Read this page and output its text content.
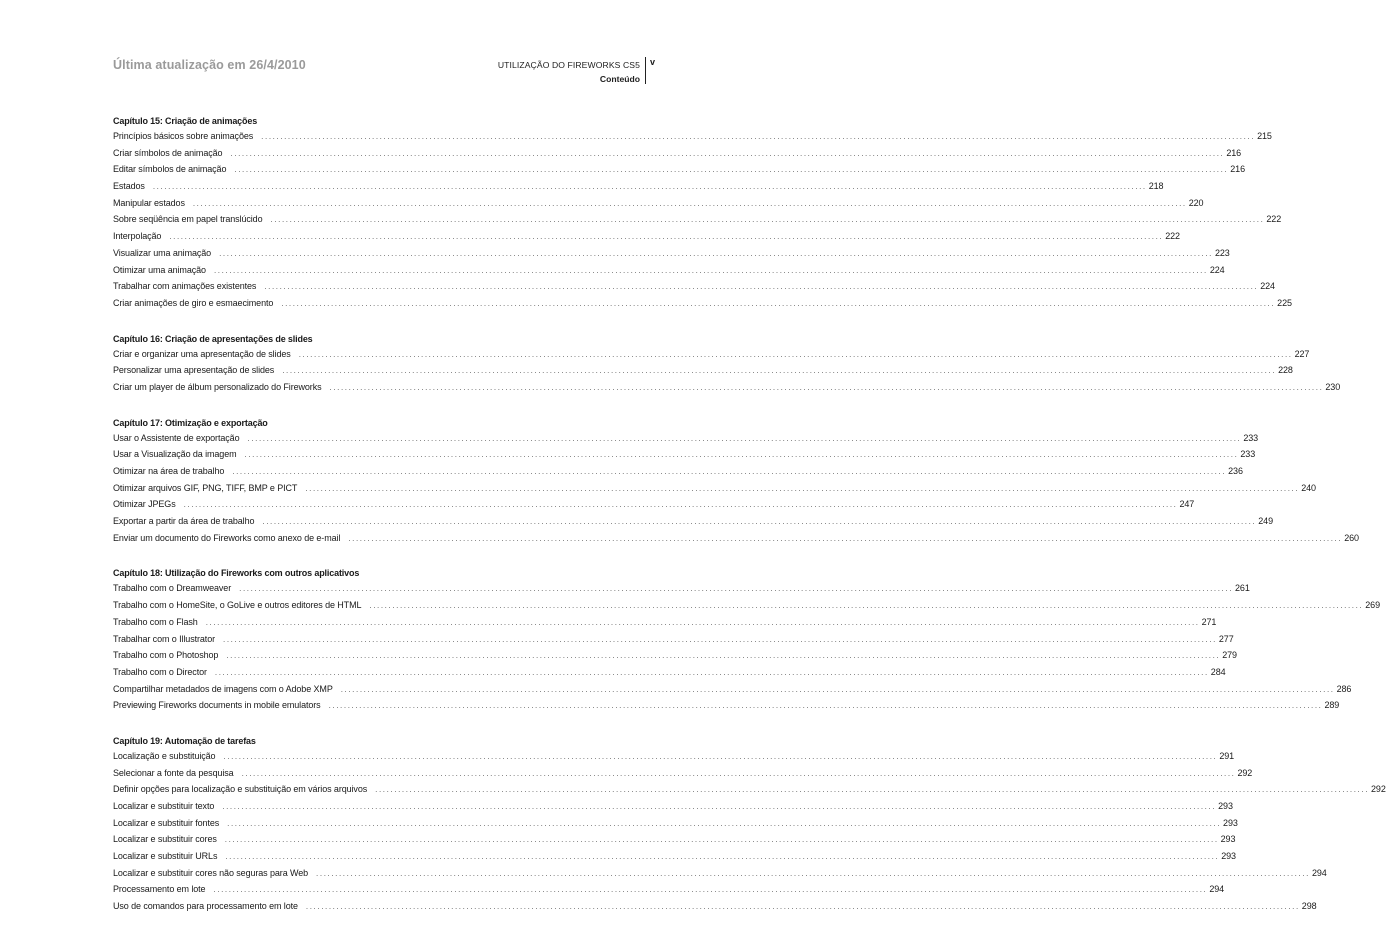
Última atualização em 26/4/2010	UTILIZAÇÃO DO FIREWORKS CS5
Conteúdo
v
Capítulo 15: Criação de animações
Princípios básicos sobre animações .................................................................................................................................................................................................................................................................... 215
Criar símbolos de animação .................................................................................................................................................................................................................................................................... 216
Editar símbolos de animação .................................................................................................................................................................................................................................................................... 216
Estados .................................................................................................................................................................................................................................................................... 218
Manipular estados .................................................................................................................................................................................................................................................................... 220
Sobre seqüência em papel translúcido .................................................................................................................................................................................................................................................................... 222
Interpolação .................................................................................................................................................................................................................................................................... 222
Visualizar uma animação .................................................................................................................................................................................................................................................................... 223
Otimizar uma animação .................................................................................................................................................................................................................................................................... 224
Trabalhar com animações existentes .................................................................................................................................................................................................................................................................... 224
Criar animações de giro e esmaecimento .................................................................................................................................................................................................................................................................... 225
Capítulo 16: Criação de apresentações de slides
Criar e organizar uma apresentação de slides .................................................................................................................................................................................................................................................................... 227
Personalizar uma apresentação de slides .................................................................................................................................................................................................................................................................... 228
Criar um player de álbum personalizado do Fireworks .................................................................................................................................................................................................................................................................... 230
Capítulo 17: Otimização e exportação
Usar o Assistente de exportação .................................................................................................................................................................................................................................................................... 233
Usar a Visualização da imagem .................................................................................................................................................................................................................................................................... 233
Otimizar na área de trabalho .................................................................................................................................................................................................................................................................... 236
Otimizar arquivos GIF, PNG, TIFF, BMP e PICT .................................................................................................................................................................................................................................................................... 240
Otimizar JPEGs .................................................................................................................................................................................................................................................................... 247
Exportar a partir da área de trabalho .................................................................................................................................................................................................................................................................... 249
Enviar um documento do Fireworks como anexo de e-mail .................................................................................................................................................................................................................................................................... 260
Capítulo 18: Utilização do Fireworks com outros aplicativos
Trabalho com o Dreamweaver .................................................................................................................................................................................................................................................................... 261
Trabalho com o HomeSite, o GoLive e outros editores de HTML .................................................................................................................................................................................................................................................................... 269
Trabalho com o Flash .................................................................................................................................................................................................................................................................... 271
Trabalhar com o Illustrator .................................................................................................................................................................................................................................................................... 277
Trabalho com o Photoshop .................................................................................................................................................................................................................................................................... 279
Trabalho com o Director .................................................................................................................................................................................................................................................................... 284
Compartilhar metadados de imagens com o Adobe XMP .................................................................................................................................................................................................................................................................... 286
Previewing Fireworks documents in mobile emulators .................................................................................................................................................................................................................................................................... 289
Capítulo 19: Automação de tarefas
Localização e substituição .................................................................................................................................................................................................................................................................... 291
Selecionar a fonte da pesquisa .................................................................................................................................................................................................................................................................... 292
Definir opções para localização e substituição em vários arquivos .................................................................................................................................................................................................................................................................... 292
Localizar e substituir texto .................................................................................................................................................................................................................................................................... 293
Localizar e substituir fontes .................................................................................................................................................................................................................................................................... 293
Localizar e substituir cores .................................................................................................................................................................................................................................................................... 293
Localizar e substituir URLs .................................................................................................................................................................................................................................................................... 293
Localizar e substituir cores não seguras para Web .................................................................................................................................................................................................................................................................... 294
Processamento em lote .................................................................................................................................................................................................................................................................... 294
Uso de comandos para processamento em lote .................................................................................................................................................................................................................................................................... 298
